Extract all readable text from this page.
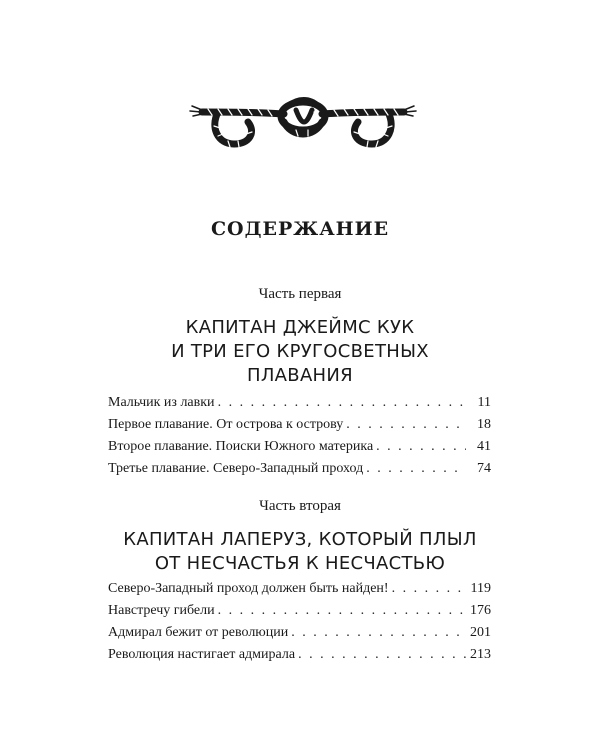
СОДЕРЖАНИЕ
Часть первая
КАПИТАН ДЖЕЙМС КУК
И ТРИ ЕГО КРУГОСВЕТНЫХ
ПЛАВАНИЯ
Мальчик из лавки . . .	11
Первое плавание. От острова к острову . . .	18
Второе плавание. Поиски Южного материка . . .	41
Третье плавание. Северо-Западный проход . . .	74
Часть вторая
КАПИТАН ЛАПЕРУЗ, КОТОРЫЙ ПЛЫЛ
ОТ НЕСЧАСТЬЯ К НЕСЧАСТЬЮ
Северо-Западный проход должен быть найден! . . .	119
Навстречу гибели . . .	176
Адмирал бежит от революции . . .	201
Революция настигает адмирала . . .	213
